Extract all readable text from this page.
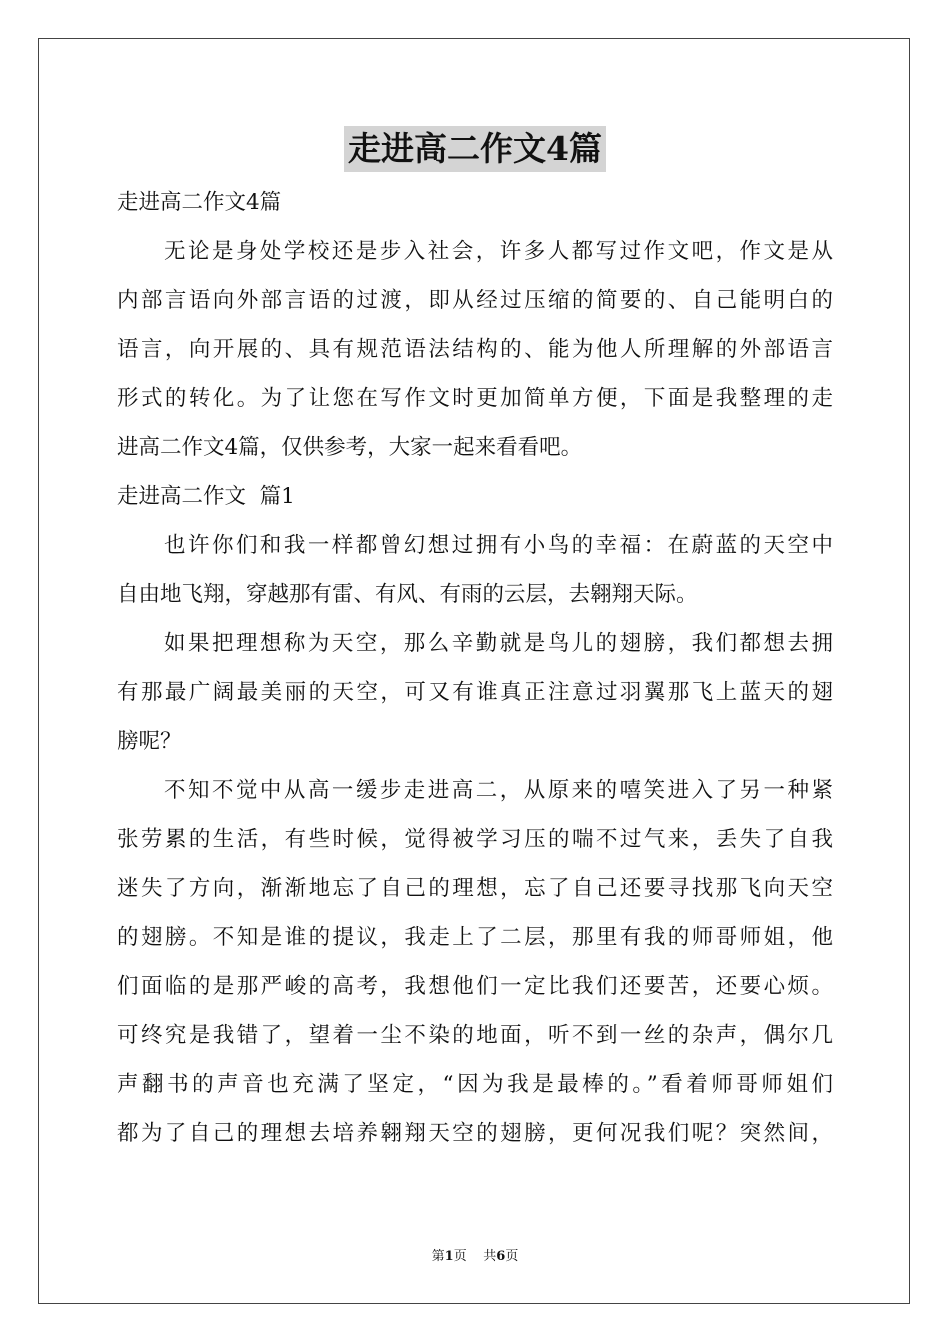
走进高二作文4篇
走进高二作文4篇
无论是身处学校还是步入社会，许多人都写过作文吧，作文是从
内部言语向外部言语的过渡，即从经过压缩的简要的、自己能明白的
语言，向开展的、具有规范语法结构的、能为他人所理解的外部语言
形式的转化。为了让您在写作文时更加简单方便，下面是我整理的走
进高二作文4篇，仅供参考，大家一起来看看吧。
走进高二作文  篇1
也许你们和我一样都曾幻想过拥有小鸟的幸福：在蔚蓝的天空中
自由地飞翔，穿越那有雷、有风、有雨的云层，去翱翔天际。
如果把理想称为天空，那么辛勤就是鸟儿的翅膀，我们都想去拥
有那最广阔最美丽的天空，可又有谁真正注意过羽翼那飞上蓝天的翅
膀呢？
不知不觉中从高一缓步走进高二，从原来的嘻笑进入了另一种紧
张劳累的生活，有些时候，觉得被学习压的喘不过气来，丢失了自我
迷失了方向，渐渐地忘了自己的理想，忘了自己还要寻找那飞向天空
的翅膀。不知是谁的提议，我走上了二层，那里有我的师哥师姐，他
们面临的是那严峻的高考，我想他们一定比我们还要苦，还要心烦。
可终究是我错了，望着一尘不染的地面，听不到一丝的杂声，偶尔几
声翻书的声音也充满了坚定，“因为我是最棒的。”看着师哥师姐们
都为了自己的理想去培养翱翔天空的翅膀，更何况我们呢？突然间，
第1页 共6页
